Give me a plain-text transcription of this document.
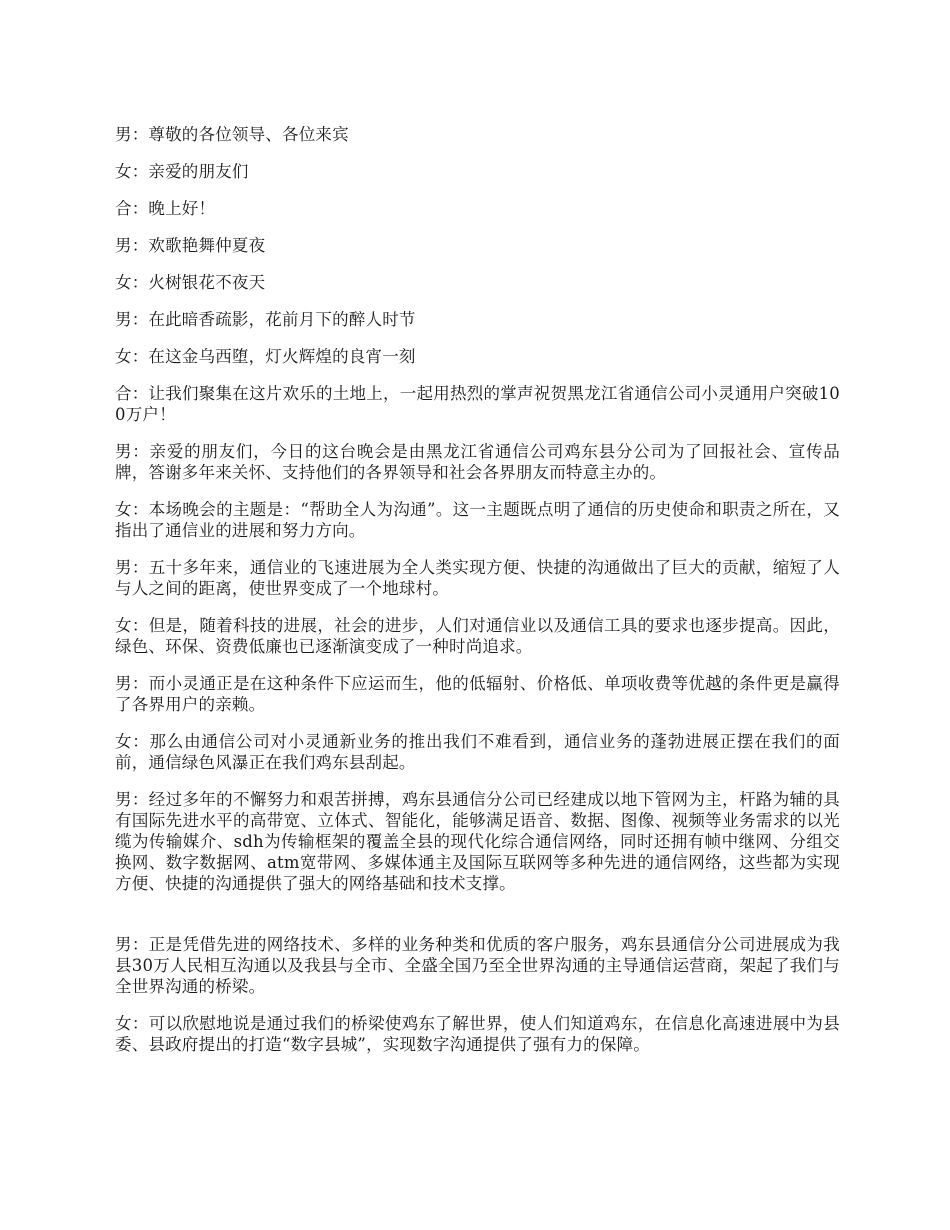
男：尊敬的各位领导、各位来宾

女：亲爱的朋友们

合：晚上好！

男：欢歌艳舞仲夏夜

女：火树银花不夜天

男：在此暗香疏影，花前月下的醉人时节

女：在这金乌西堕，灯火辉煌的良宵一刻

合：让我们聚集在这片欢乐的土地上，一起用热烈的掌声祝贺黑龙江省通信公司小灵通用户突破100万户！

男：亲爱的朋友们，今日的这台晚会是由黑龙江省通信公司鸡东县分公司为了回报社会、宣传品牌，答谢多年来关怀、支持他们的各界领导和社会各界朋友而特意主办的。

女：本场晚会的主题是：“帮助全人为沟通”。这一主题既点明了通信的历史使命和职责之所在，又指出了通信业的进展和努力方向。

男：五十多年来，通信业的飞速进展为全人类实现方便、快捷的沟通做出了巨大的贡献，缩短了人与人之间的距离，使世界变成了一个地球村。

女：但是，随着科技的进展，社会的进步，人们对通信业以及通信工具的要求也逐步提高。因此，绿色、环保、资费低廉也已逐渐演变成了一种时尚追求。

男：而小灵通正是在这种条件下应运而生，他的低辐射、价格低、单项收费等优越的条件更是赢得了各界用户的亲赖。

女：那么由通信公司对小灵通新业务的推出我们不难看到，通信业务的蓬勃进展正摆在我们的面前，通信绿色风瀑正在我们鸡东县刮起。

男：经过多年的不懈努力和艰苦拼搏，鸡东县通信分公司已经建成以地下管网为主，杆路为辅的具有国际先进水平的高带宽、立体式、智能化，能够满足语音、数据、图像、视频等业务需求的以光缆为传输媒介、sdh为传输框架的覆盖全县的现代化综合通信网络，同时还拥有帧中继网、分组交换网、数字数据网、atm宽带网、多媒体通主及国际互联网等多种先进的通信网络，这些都为实现方便、快捷的沟通提供了强大的网络基础和技术支撑。

男：正是凭借先进的网络技术、多样的业务种类和优质的客户服务，鸡东县通信分公司进展成为我县30万人民相互沟通以及我县与全市、全盛全国乃至全世界沟通的主导通信运营商，架起了我们与全世界沟通的桥梁。

女：可以欣慰地说是通过我们的桥梁使鸡东了解世界，使人们知道鸡东，在信息化高速进展中为县委、县政府提出的打造“数字县城”，实现数字沟通提供了强有力的保障。
